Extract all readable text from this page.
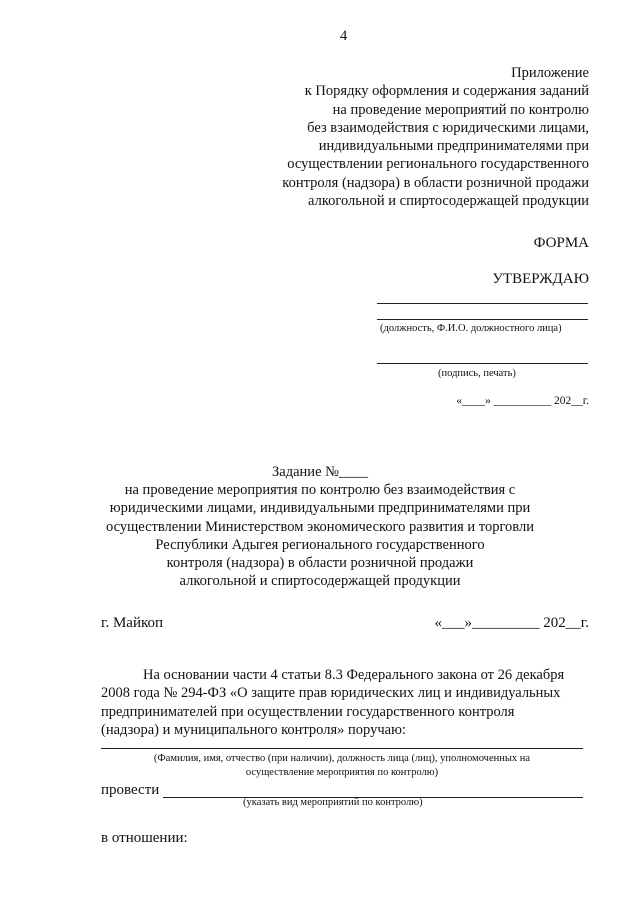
4
Приложение
к Порядку оформления и содержания заданий
на проведение мероприятий по контролю
без взаимодействия с юридическими лицами,
индивидуальными предпринимателями при
осуществлении регионального государственного
контроля (надзора) в области розничной продажи
алкогольной и спиртосодержащей продукции
ФОРМА
УТВЕРЖДАЮ
(должность, Ф.И.О. должностного лица)
(подпись, печать)
«____» __________ 202__г.
Задание №____
на проведение мероприятия по контролю без взаимодействия с
юридическими лицами, индивидуальными предпринимателями при
осуществлении Министерством экономического развития и торговли
Республики Адыгея регионального государственного
контроля (надзора) в области розничной продажи
алкогольной и спиртосодержащей продукции
г. Майкоп	«___»_________ 202__г.
На основании части 4 статьи 8.3 Федерального закона от 26 декабря
2008 года № 294-ФЗ «О защите прав юридических лиц и индивидуальных
предпринимателей при осуществлении государственного контроля
(надзора) и муниципального контроля» поручаю:
(Фамилия, имя, отчество (при наличии), должность лица (лиц), уполномоченных на
осуществление мероприятия по контролю)
провести
(указать вид мероприятий по контролю)
в отношении:
